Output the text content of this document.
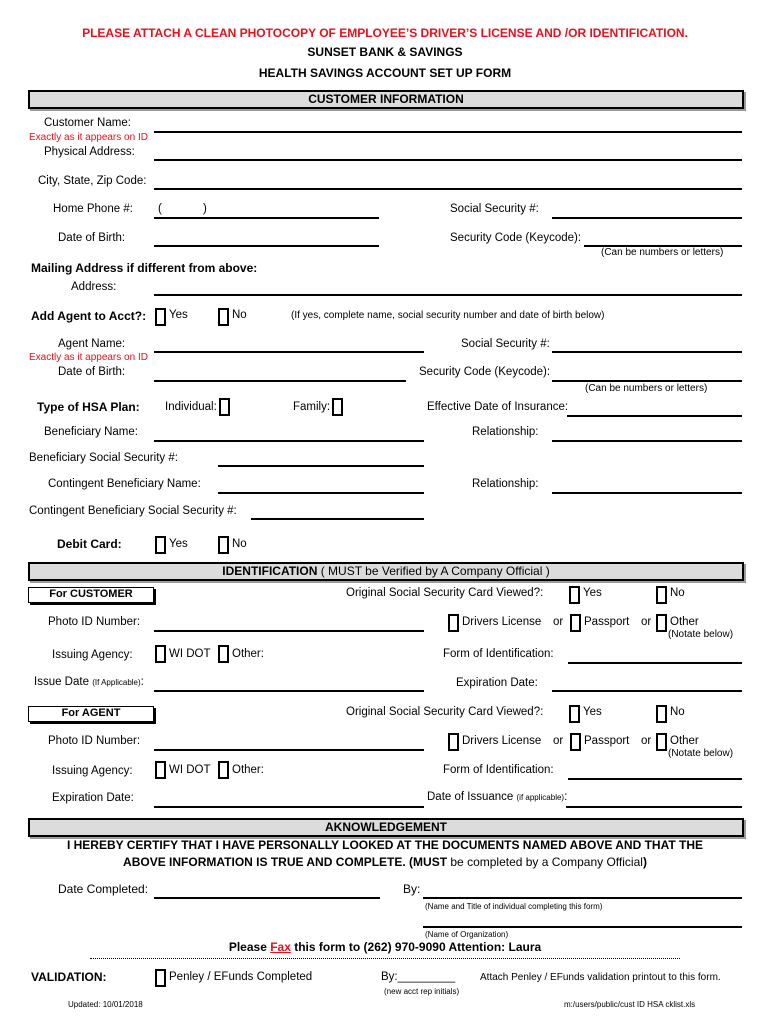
PLEASE ATTACH A CLEAN PHOTOCOPY OF EMPLOYEE’S DRIVER’S LICENSE AND /OR IDENTIFICATION.
SUNSET BANK & SAVINGS
HEALTH SAVINGS ACCOUNT SET UP FORM
CUSTOMER INFORMATION
Customer Name:
Exactly as it appears on ID
Physical Address:
City, State, Zip Code:
Home Phone #: (	)	Social Security #:
Date of Birth:	Security Code (Keycode):
(Can be numbers or letters)
Mailing Address if different from above:
Address:
Add Agent to Acct?: Yes	No	(If yes, complete name, social security number and date of birth below)
Agent Name:	Social Security #:
Exactly as it appears on ID
Date of Birth:	Security Code (Keycode):
(Can be numbers or letters)
Type of HSA Plan: Individual:	Family:	Effective Date of Insurance:
Beneficiary Name:	Relationship:
Beneficiary Social Security #:
Contingent Beneficiary Name:	Relationship:
Contingent Beneficiary Social Security #:
Debit Card:	Yes	No
IDENTIFICATION ( MUST be Verified by A Company Official )
For CUSTOMER	Original Social Security Card Viewed?:	Yes	No
Photo ID Number:	Drivers License or Passport or Other
(Notate below)
Issuing Agency:	WI DOT Other:	Form of Identification:
Issue Date (If Applicable):	Expiration Date:
For AGENT	Original Social Security Card Viewed?:	Yes	No
Photo ID Number:	Drivers License or Passport or Other
(Notate below)
Issuing Agency:	WI DOT Other:	Form of Identification:
Expiration Date:	Date of Issuance (if applicable):
AKNOWLEDGEMENT
I HEREBY CERTIFY THAT I HAVE PERSONALLY LOOKED AT THE DOCUMENTS NAMED ABOVE AND THAT THE
ABOVE INFORMATION IS TRUE AND COMPLETE. (MUST be completed by a Company Official)
Date Completed:	By:
(Name and Title of individual completing this form)
(Name of Organization)
Please Fax this form to (262) 970-9090 Attention: Laura
VALIDATION:	Penley / EFunds Completed	By:_________
(new acct rep initials)
Attach Penley / EFunds validation printout to this form.
Updated: 10/01/2018	m:/users/public/cust ID HSA cklist.xls
